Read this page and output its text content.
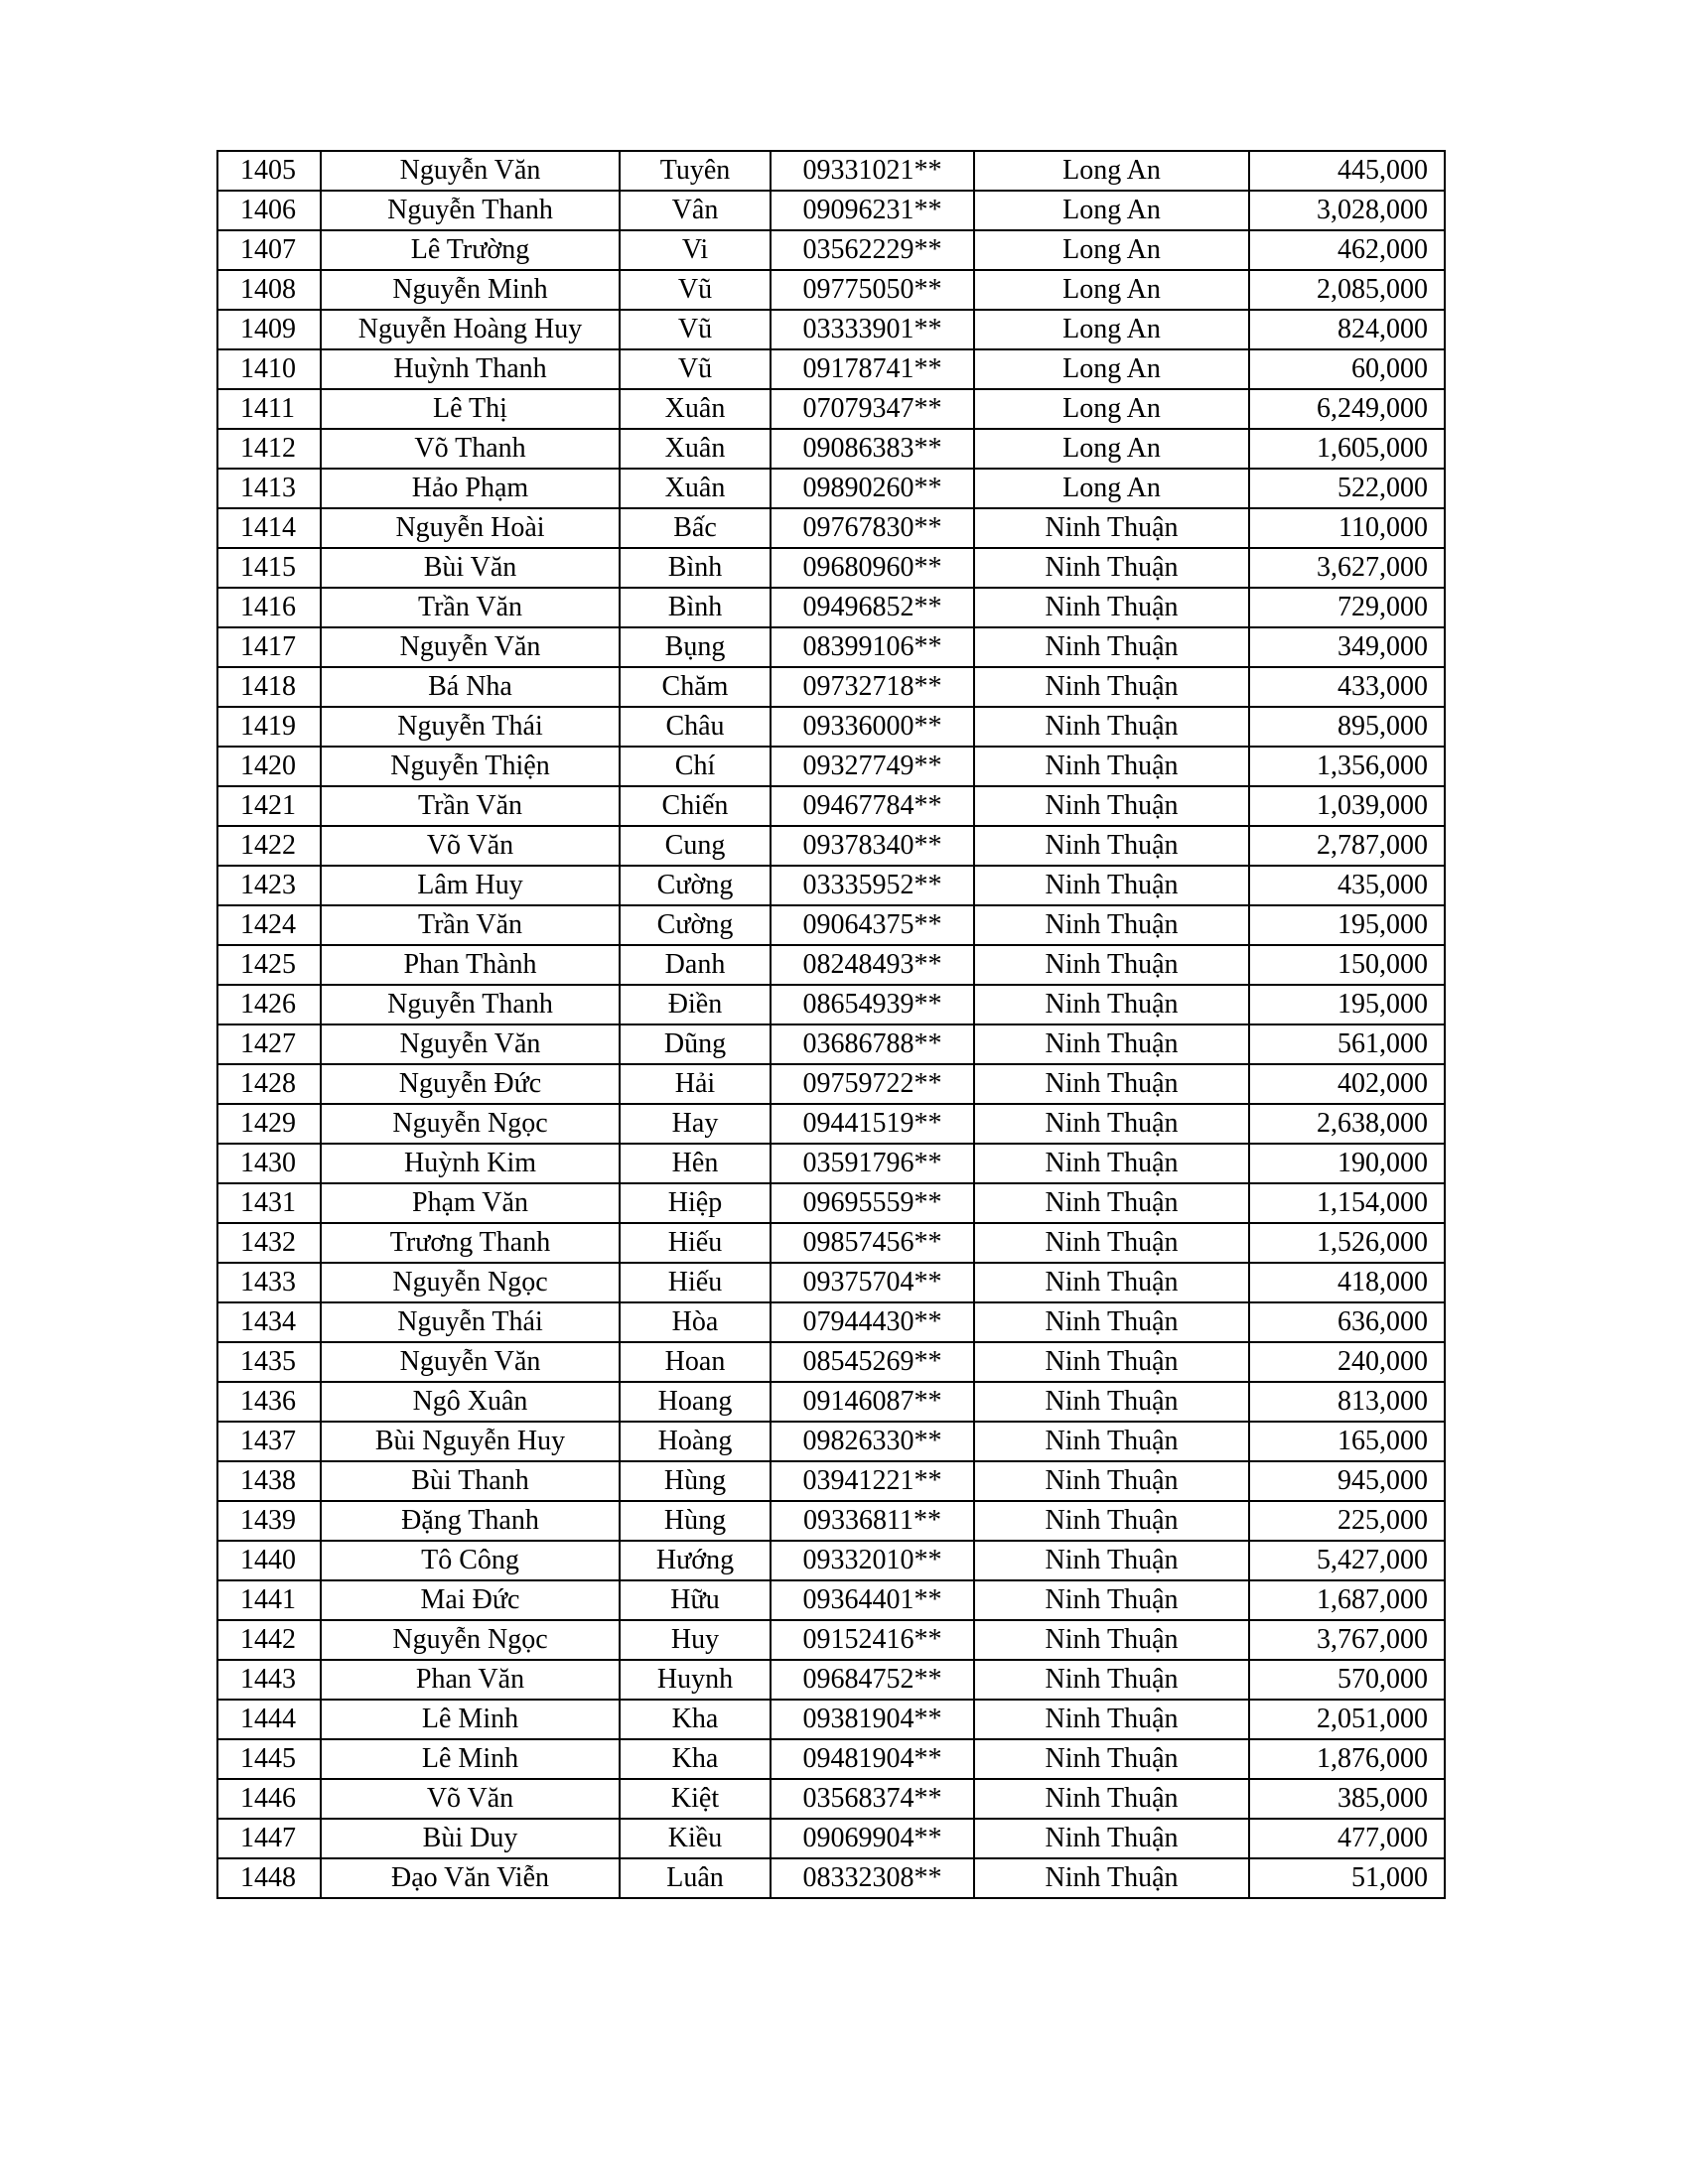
1405	Nguyễn Văn	Tuyên	09331021**	Long An	445,000
1406	Nguyễn Thanh	Vân	09096231**	Long An	3,028,000
1407	Lê Trường	Vi	03562229**	Long An	462,000
1408	Nguyễn Minh	Vũ	09775050**	Long An	2,085,000
1409	Nguyễn Hoàng Huy	Vũ	03333901**	Long An	824,000
1410	Huỳnh Thanh	Vũ	09178741**	Long An	60,000
1411	Lê Thị	Xuân	07079347**	Long An	6,249,000
1412	Võ Thanh	Xuân	09086383**	Long An	1,605,000
1413	Hảo Phạm	Xuân	09890260**	Long An	522,000
1414	Nguyễn Hoài	Bấc	09767830**	Ninh Thuận	110,000
1415	Bùi Văn	Bình	09680960**	Ninh Thuận	3,627,000
1416	Trần Văn	Bình	09496852**	Ninh Thuận	729,000
1417	Nguyễn Văn	Bụng	08399106**	Ninh Thuận	349,000
1418	Bá Nha	Chăm	09732718**	Ninh Thuận	433,000
1419	Nguyễn Thái	Châu	09336000**	Ninh Thuận	895,000
1420	Nguyễn Thiện	Chí	09327749**	Ninh Thuận	1,356,000
1421	Trần Văn	Chiến	09467784**	Ninh Thuận	1,039,000
1422	Võ Văn	Cung	09378340**	Ninh Thuận	2,787,000
1423	Lâm Huy	Cường	03335952**	Ninh Thuận	435,000
1424	Trần Văn	Cường	09064375**	Ninh Thuận	195,000
1425	Phan Thành	Danh	08248493**	Ninh Thuận	150,000
1426	Nguyễn Thanh	Điền	08654939**	Ninh Thuận	195,000
1427	Nguyễn Văn	Dũng	03686788**	Ninh Thuận	561,000
1428	Nguyễn Đức	Hải	09759722**	Ninh Thuận	402,000
1429	Nguyễn Ngọc	Hay	09441519**	Ninh Thuận	2,638,000
1430	Huỳnh Kim	Hên	03591796**	Ninh Thuận	190,000
1431	Phạm Văn	Hiệp	09695559**	Ninh Thuận	1,154,000
1432	Trương Thanh	Hiếu	09857456**	Ninh Thuận	1,526,000
1433	Nguyễn Ngọc	Hiếu	09375704**	Ninh Thuận	418,000
1434	Nguyễn Thái	Hòa	07944430**	Ninh Thuận	636,000
1435	Nguyễn Văn	Hoan	08545269**	Ninh Thuận	240,000
1436	Ngô Xuân	Hoang	09146087**	Ninh Thuận	813,000
1437	Bùi Nguyễn Huy	Hoàng	09826330**	Ninh Thuận	165,000
1438	Bùi Thanh	Hùng	03941221**	Ninh Thuận	945,000
1439	Đặng Thanh	Hùng	09336811**	Ninh Thuận	225,000
1440	Tô Công	Hướng	09332010**	Ninh Thuận	5,427,000
1441	Mai Đức	Hữu	09364401**	Ninh Thuận	1,687,000
1442	Nguyễn Ngọc	Huy	09152416**	Ninh Thuận	3,767,000
1443	Phan Văn	Huynh	09684752**	Ninh Thuận	570,000
1444	Lê Minh	Kha	09381904**	Ninh Thuận	2,051,000
1445	Lê Minh	Kha	09481904**	Ninh Thuận	1,876,000
1446	Võ Văn	Kiệt	03568374**	Ninh Thuận	385,000
1447	Bùi Duy	Kiều	09069904**	Ninh Thuận	477,000
1448	Đạo Văn Viễn	Luân	08332308**	Ninh Thuận	51,000
